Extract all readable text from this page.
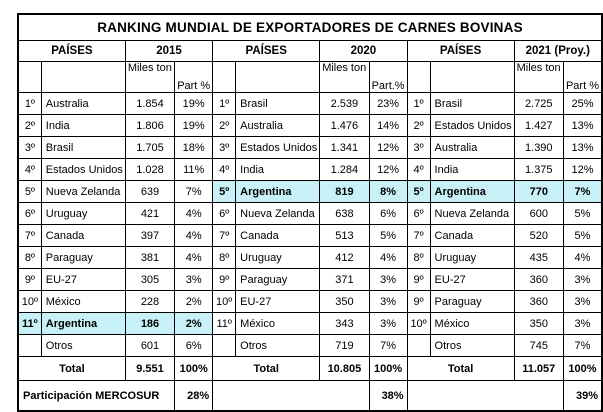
RANKING MUNDIAL DE EXPORTADORES DE CARNES BOVINAS											
PAÍSES		2015		PAÍSES		2020		PAÍSES		2021 (Proy.)	
		Miles ton	Part %			Miles ton	Part.%			Miles ton	Part %
1º	Australia	1.854	19%	1º	Brasil	2.539	23%	1º	Brasil	2.725	25%
2º	India	1.806	19%	2º	Australia	1.476	14%	2º	Estados Unidos	1.427	13%
3º	Brasil	1.705	18%	3º	Estados Unidos	1.341	12%	3º	Australia	1.390	13%
4º	Estados Unidos	1.028	11%	4º	India	1.284	12%	4º	India	1.375	12%
5º	Nueva Zelanda	639	7%	5º	Argentina	819	8%	5º	Argentina	770	7%
6º	Uruguay	421	4%	6º	Nueva Zelanda	638	6%	6º	Nueva Zelanda	600	5%
7º	Canada	397	4%	7º	Canada	513	5%	7º	Canada	520	5%
8º	Paraguay	381	4%	8º	Uruguay	412	4%	8º	Uruguay	435	4%
9º	EU-27	305	3%	9º	Paraguay	371	3%	9º	EU-27	360	3%
10º	México	228	2%	10º	EU-27	350	3%	9º	Paraguay	360	3%
11º	Argentina	186	2%	11º	México	343	3%	10º	México	350	3%
	Otros	601	6%		Otros	719	7%		Otros	745	7%
Total		9.551	100%	Total		10.805	100%	Total		11.057	100%
Participación MERCOSUR			28%				38%				39%
